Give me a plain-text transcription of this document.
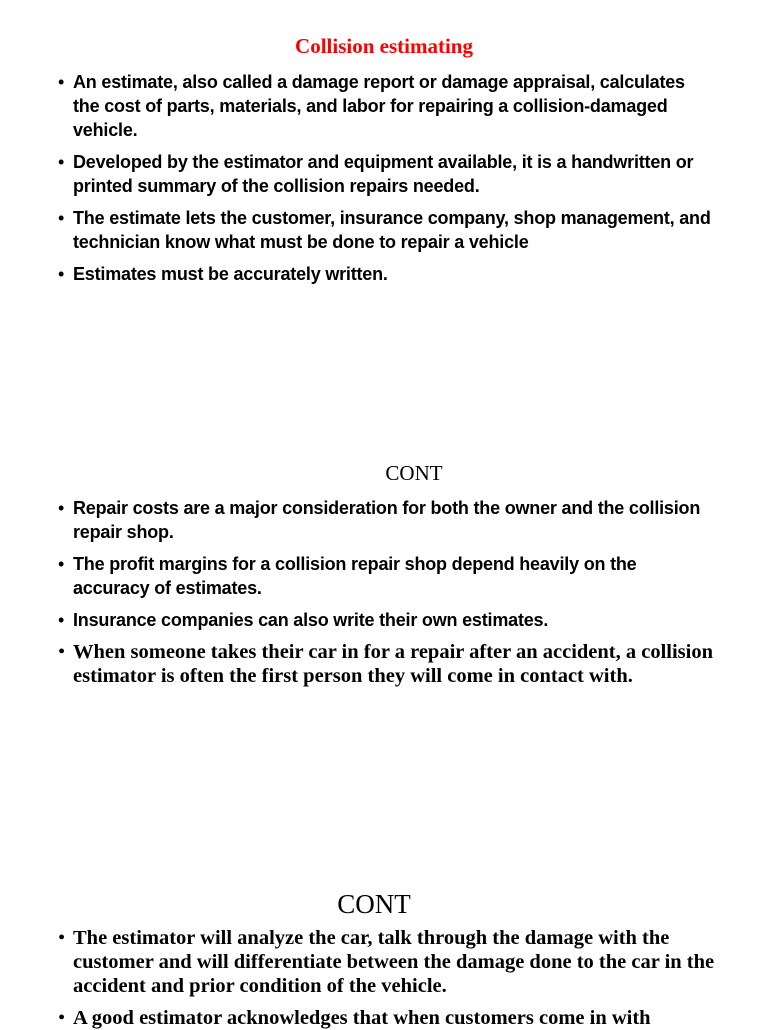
Collision estimating
• An estimate, also called a damage report or damage appraisal, calculates the cost of parts, materials, and labor for repairing a collision-damaged vehicle.
• Developed by the estimator and equipment available, it is a handwritten or printed summary of the collision repairs needed.
• The estimate lets the customer, insurance company, shop management, and technician know what must be done to repair a vehicle
• Estimates must be accurately written.
CONT
• Repair costs are a major consideration for both the owner and the collision repair shop.
• The profit margins for a collision repair shop depend heavily on the accuracy of estimates.
• Insurance companies can also write their own estimates.
• When someone takes their car in for a repair after an accident, a collision estimator is often the first person they will come in contact with.
CONT
• The estimator will analyze the car, talk through the damage with the customer and will differentiate between the damage done to the car in the accident and prior condition of the vehicle.
• A good estimator acknowledges that when customers come in with
